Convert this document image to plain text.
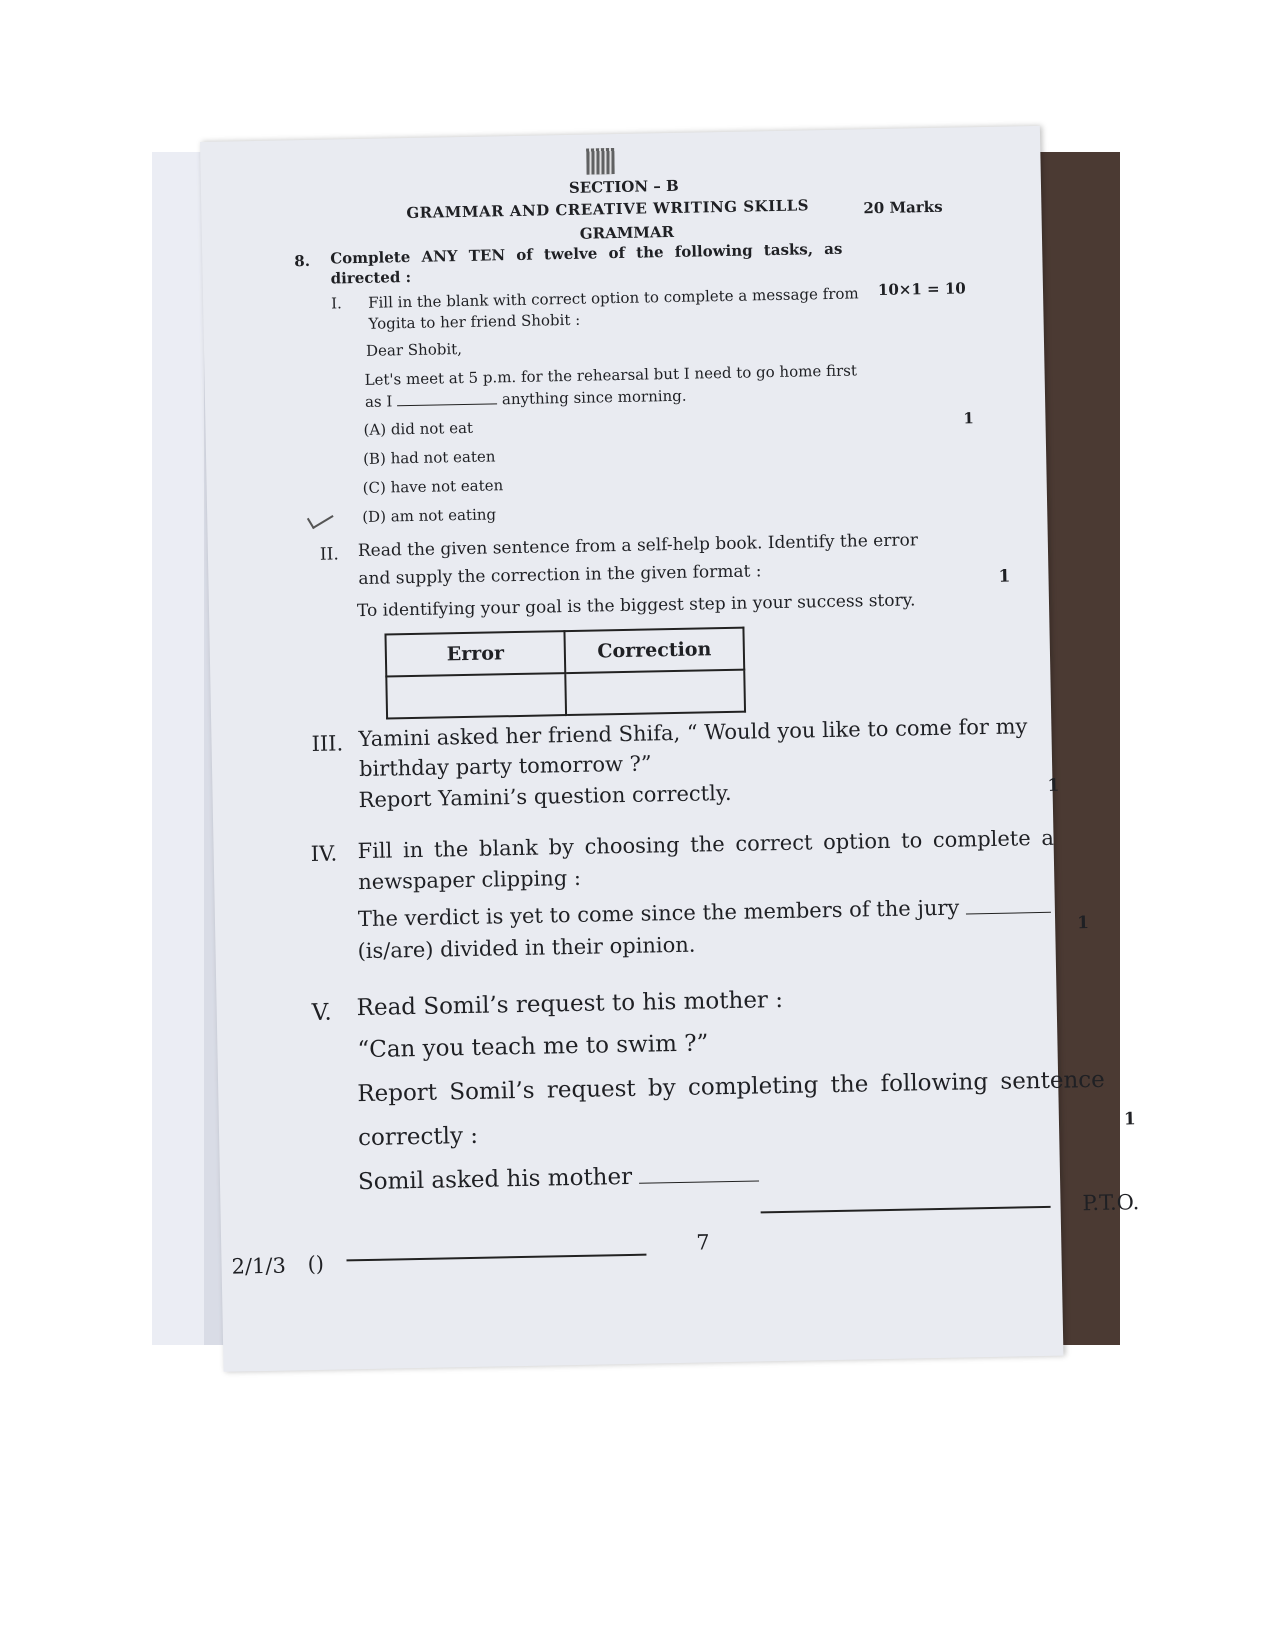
SECTION – B
GRAMMAR AND CREATIVE WRITING SKILLS	20 Marks
GRAMMAR
8. Complete ANY TEN of twelve of the following tasks, as
directed :
10×1 = 10
I. Fill in the blank with correct option to complete a message from
Yogita to her friend Shobit :
Dear Shobit,
Let's meet at 5 p.m. for the rehearsal but I need to go home first
as I	anything since morning.
1
(A) did not eat
(B) had not eaten
(C) have not eaten
(D) am not eating
II. Read the given sentence from a self-help book. Identify the error
and supply the correction in the given format :	1
To identifying your goal is the biggest step in your success story.
Error	Correction

III. Yamini asked her friend Shifa, “ Would you like to come for my
birthday party tomorrow ?”
Report Yamini’s question correctly.	1
IV. Fill in the blank by choosing the correct option to complete a
newspaper clipping :
The verdict is yet to come since the members of the jury
(is/are) divided in their opinion.
1
V. Read Somil’s request to his mother :
“Can you teach me to swim ?”
Report Somil’s request by completing the following sentence
correctly :
1
Somil asked his mother
P.T.O.
2/1/3 ()
7
